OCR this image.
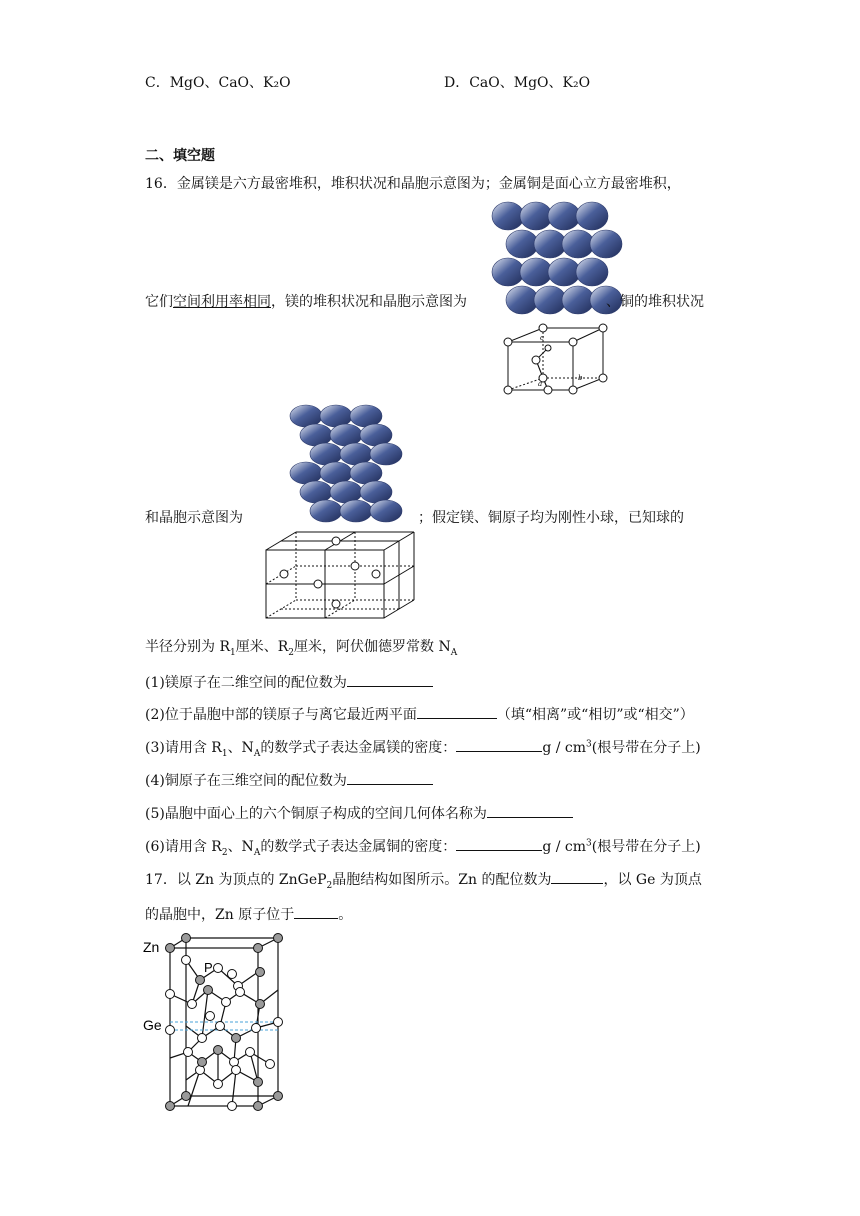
C．MgO、CaO、K₂O	D．CaO、MgO、K₂O
二、填空题
16．金属镁是六方最密堆积，堆积状况和晶胞示意图为；金属铜是面心立方最密堆积，
a
b
c
它们空间利用率相同，镁的堆积状况和晶胞示意图为	、铜的堆积状况
和晶胞示意图为	；假定镁、铜原子均为刚性小球，已知球的
半径分别为 $R_1$厘米、$R_2$厘米，阿伏伽德罗常数 $N_A$
(1)镁原子在二维空间的配位数为
(2)位于晶胞中部的镁原子与离它最近两平面	（填“相离”或“相切”或“相交”）
(3)请用含 $R_1$、$N_A$的数学式子表达金属镁的密度：	g / $cm^3$(根号带在分子上)
(4)铜原子在三维空间的配位数为
(5)晶胞中面心上的六个铜原子构成的空间几何体名称为
(6)请用含 $R_2$、$N_A$的数学式子表达金属铜的密度：	g / $cm^3$(根号带在分子上)
17．以 Zn 为顶点的 ZnGeP$_2$晶胞结构如图所示。Zn 的配位数为	，以 Ge 为顶点
的晶胞中，Zn 原子位于	。
Zn
Ge
P
